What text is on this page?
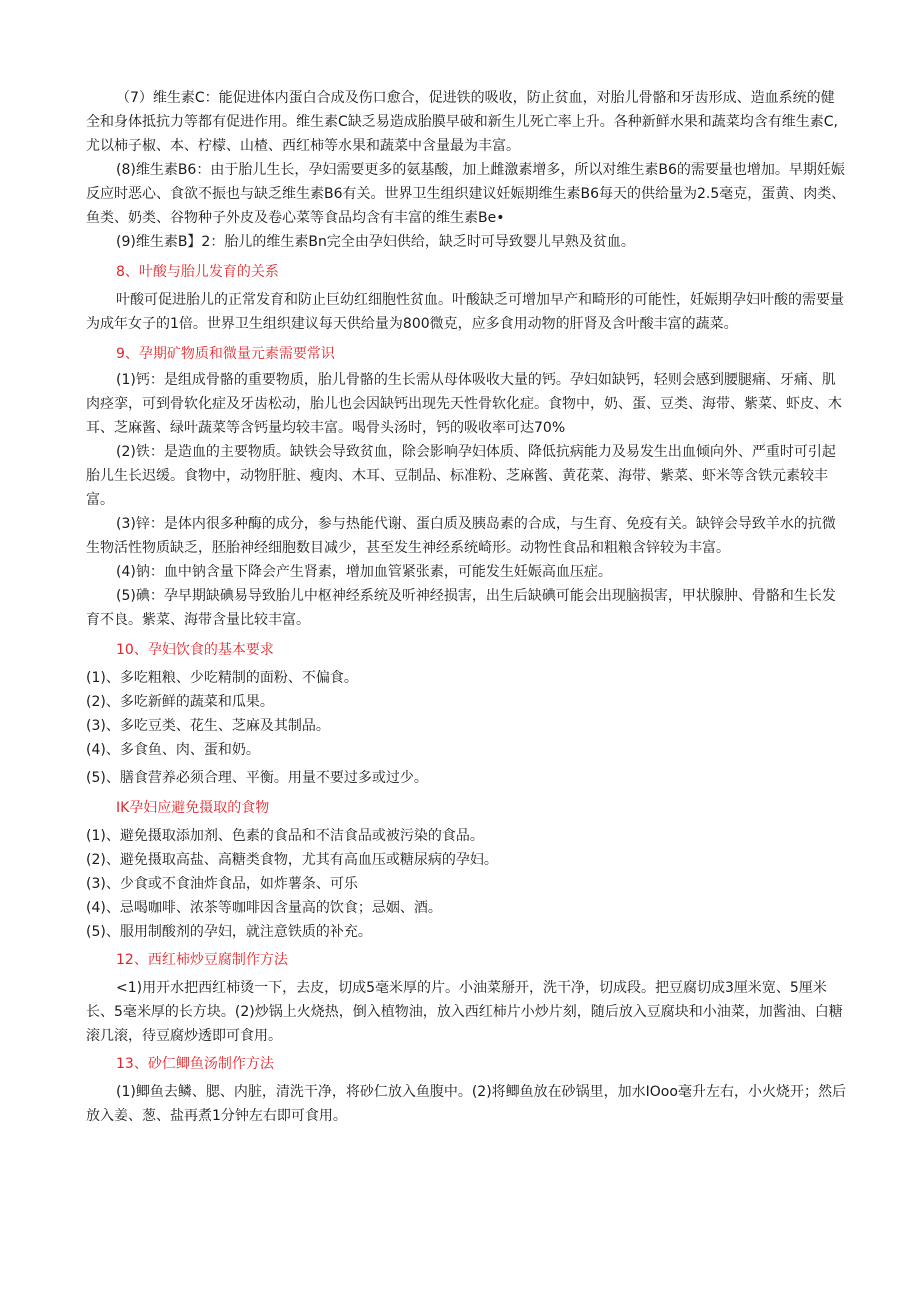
（7）维生素C：能促进体内蛋白合成及伤口愈合，促进铁的吸收，防止贫血，对胎儿骨骼和牙齿形成、造血系统的健全和身体抵抗力等都有促进作用。维生素C缺乏易造成胎膜早破和新生儿死亡率上升。各种新鲜水果和蔬菜均含有维生素C,尤以柿子椒、本、柠檬、山楂、西红柿等水果和蔬菜中含量最为丰富。

(8)维生素B6：由于胎儿生长，孕妇需要更多的氨基酸，加上雌激素增多，所以对维生素B6的需要量也增加。早期妊娠反应时恶心、食欲不振也与缺乏维生素B6有关。世界卫生组织建议妊娠期维生素B6每天的供给量为2.5毫克，蛋黄、肉类、鱼类、奶类、谷物种子外皮及卷心菜等食品均含有丰富的维生素Be•

(9)维生素B】2：胎儿的维生素Bn完全由孕妇供给，缺乏时可导致婴儿早熟及贫血。

8、叶酸与胎儿发育的关系

叶酸可促进胎儿的正常发育和防止巨幼红细胞性贫血。叶酸缺乏可增加早产和畸形的可能性，妊娠期孕妇叶酸的需要量为成年女子的1倍。世界卫生组织建议每天供给量为800微克，应多食用动物的肝肾及含叶酸丰富的蔬菜。

9、孕期矿物质和微量元素需要常识

(1)钙：是组成骨骼的重要物质，胎儿骨骼的生长需从母体吸收大量的钙。孕妇如缺钙，轻则会感到腰腿痛、牙痛、肌肉痉挛，可到骨软化症及牙齿松动，胎儿也会因缺钙出现先天性骨软化症。食物中，奶、蛋、豆类、海带、紫菜、虾皮、木耳、芝麻酱、绿叶蔬菜等含钙量均较丰富。喝骨头汤时，钙的吸收率可达70%

(2)铁：是造血的主要物质。缺铁会导致贫血，除会影响孕妇体质、降低抗病能力及易发生出血倾向外、严重时可引起胎儿生长迟缓。食物中，动物肝脏、瘦肉、木耳、豆制品、标准粉、芝麻酱、黄花菜、海带、紫菜、虾米等含铁元素较丰富。

(3)锌：是体内很多种酶的成分，参与热能代谢、蛋白质及胰岛素的合成，与生育、免疫有关。缺锌会导致羊水的抗微生物活性物质缺乏，胚胎神经细胞数目减少，甚至发生神经系统崎形。动物性食品和粗粮含锌较为丰富。

(4)钠：血中钠含量下降会产生肾素，增加血管紧张素，可能发生妊娠高血压症。

(5)碘：孕早期缺碘易导致胎儿中枢神经系统及听神经损害，出生后缺碘可能会出现脑损害，甲状腺肿、骨骼和生长发育不良。紫菜、海带含量比较丰富。

10、孕妇饮食的基本要求

(1)、多吃粗粮、少吃精制的面粉、不偏食。

(2)、多吃新鲜的蔬菜和瓜果。

(3)、多吃豆类、花生、芝麻及其制品。

(4)、多食鱼、肉、蛋和奶。

(5)、膳食营养必须合理、平衡。用量不要过多或过少。

IK孕妇应避免摄取的食物

(1)、避免摄取添加剂、色素的食品和不洁食品或被污染的食品。

(2)、避免摄取高盐、高糖类食物，尤其有高血压或糖尿病的孕妇。

(3)、少食或不食油炸食品，如炸薯条、可乐

(4)、忌喝咖啡、浓茶等咖啡因含量高的饮食；忌姻、酒。

(5)、服用制酸剂的孕妇，就注意铁质的补充。

12、西红柿炒豆腐制作方法

<1)用开水把西红柿烫一下，去皮，切成5毫米厚的片。小油菜掰开，洗干净，切成段。把豆腐切成3厘米宽、5厘米长、5毫米厚的长方块。(2)炒锅上火烧热，倒入植物油，放入西红柿片小炒片刻，随后放入豆腐块和小油菜，加酱油、白糖滚几滚，待豆腐炒透即可食用。

13、砂仁鲫鱼汤制作方法

(1)鲫鱼去鳞、腮、内脏，清洗干净，将砂仁放入鱼腹中。(2)将鲫鱼放在砂锅里，加水IOoo毫升左右，小火烧开；然后放入姜、葱、盐再煮1分钟左右即可食用。
